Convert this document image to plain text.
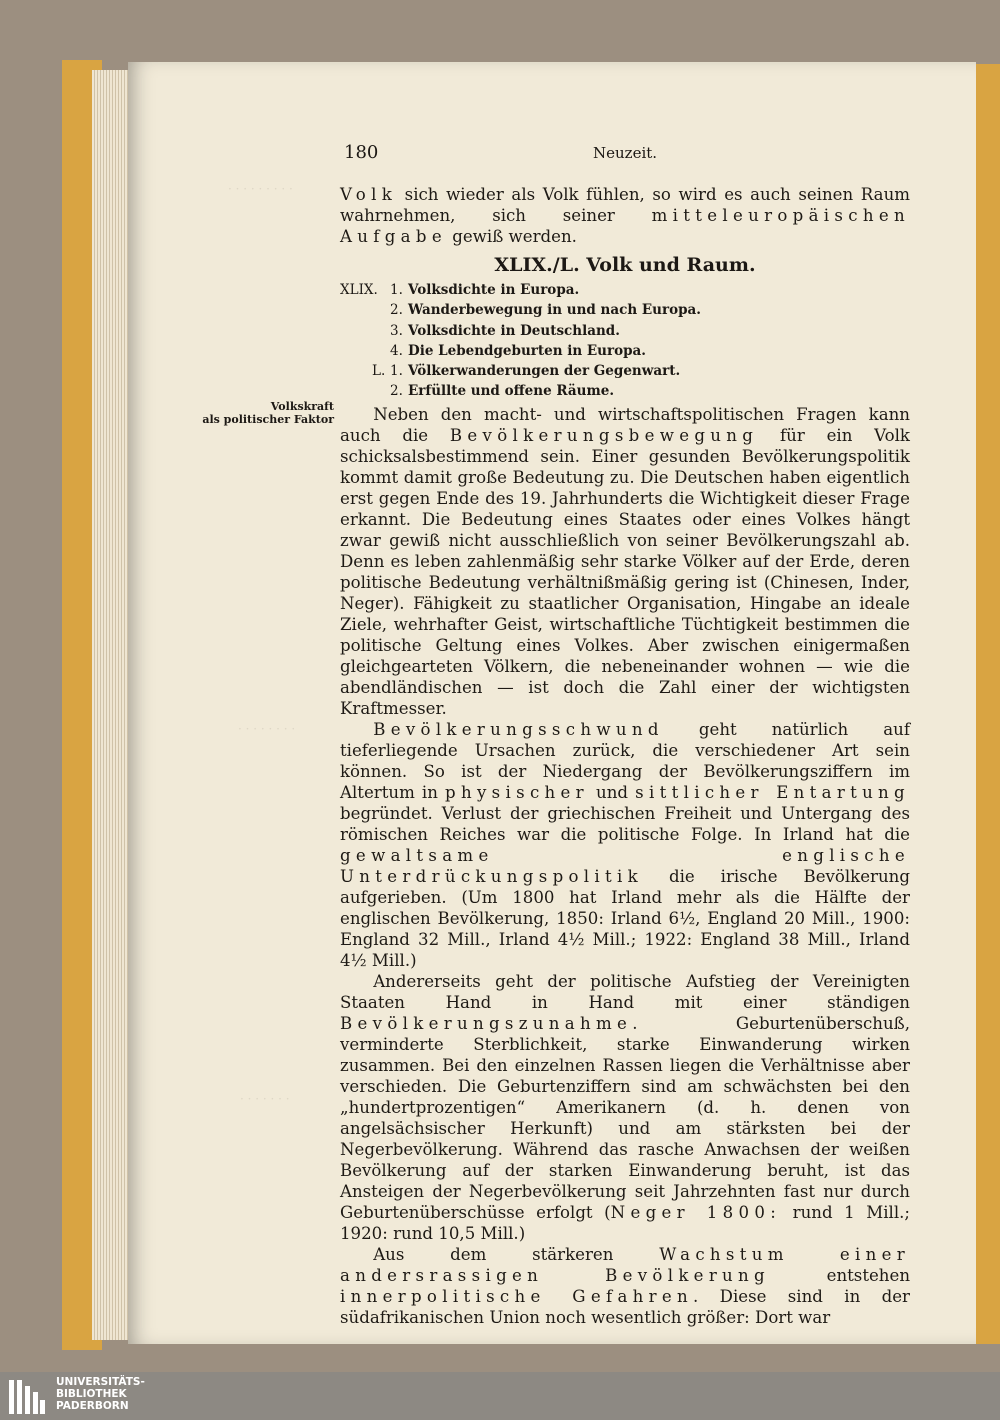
· · · · · · · · ·
· · · · · · · ·
· · · · · · ·
180	Neuzeit.

Volk sich wieder als Volk fühlen, so wird es auch seinen Raum wahrnehmen, sich seiner mitteleuropäischen Aufgabe gewiß werden.

XLIX./L. Volk und Raum.
XLIX. 1. Volksdichte in Europa.
2. Wanderbewegung in und nach Europa.
3. Volksdichte in Deutschland.
4. Die Lebendgeburten in Europa.
L. 1. Völkerwanderungen der Gegenwart.
2. Erfüllte und offene Räume.
Volkskraft
als politischer Faktor	Neben den macht- und wirtschaftspolitischen Fragen kann auch die Bevölkerungsbewegung für ein Volk schicksalsbestimmend sein. Einer gesunden Bevölkerungspolitik kommt damit große Bedeutung zu. Die Deutschen haben eigentlich erst gegen Ende des 19. Jahrhunderts die Wichtigkeit dieser Frage erkannt. Die Bedeutung eines Staates oder eines Volkes hängt zwar gewiß nicht ausschließlich von seiner Bevölkerungszahl ab. Denn es leben zahlenmäßig sehr starke Völker auf der Erde, deren politische Bedeutung verhältnißmäßig gering ist (Chinesen, Inder, Neger). Fähigkeit zu staatlicher Organisation, Hingabe an ideale Ziele, wehrhafter Geist, wirtschaftliche Tüchtigkeit bestimmen die politische Geltung eines Volkes. Aber zwischen einigermaßen gleichgearteten Völkern, die nebeneinander wohnen — wie die abendländischen — ist doch die Zahl einer der wichtigsten Kraftmesser.

Bevölkerungsschwund geht natürlich auf tieferliegende Ursachen zurück, die verschiedener Art sein können. So ist der Niedergang der Bevölkerungsziffern im Altertum in physischer und sittlicher Entartung begründet. Verlust der griechischen Freiheit und Untergang des römischen Reiches war die politische Folge. In Irland hat die gewaltsame englische Unterdrückungspolitik die irische Bevölkerung aufgerieben. (Um 1800 hat Irland mehr als die Hälfte der englischen Bevölkerung, 1850: Irland 6½, England 20 Mill., 1900: England 32 Mill., Irland 4½ Mill.; 1922: England 38 Mill., Irland 4½ Mill.)

Andererseits geht der politische Aufstieg der Vereinigten Staaten Hand in Hand mit einer ständigen Bevölkerungszunahme. Geburtenüberschuß, verminderte Sterblichkeit, starke Einwanderung wirken zusammen. Bei den einzelnen Rassen liegen die Verhältnisse aber verschieden. Die Geburtenziffern sind am schwächsten bei den „hundertprozentigen“ Amerikanern (d. h. denen von angelsächsischer Herkunft) und am stärksten bei der Negerbevölkerung. Während das rasche Anwachsen der weißen Bevölkerung auf der starken Einwanderung beruht, ist das Ansteigen der Negerbevölkerung seit Jahrzehnten fast nur durch Geburtenüberschüsse erfolgt (Neger 1800: rund 1 Mill.; 1920: rund 10,5 Mill.)

Aus dem stärkeren Wachstum einer andersrassigen Bevölkerung entstehen innerpolitische Gefahren. Diese sind in der südafrikanischen Union noch wesentlich größer: Dort war

UNIVERSITÄTS-
BIBLIOTHEK
PADERBORN
